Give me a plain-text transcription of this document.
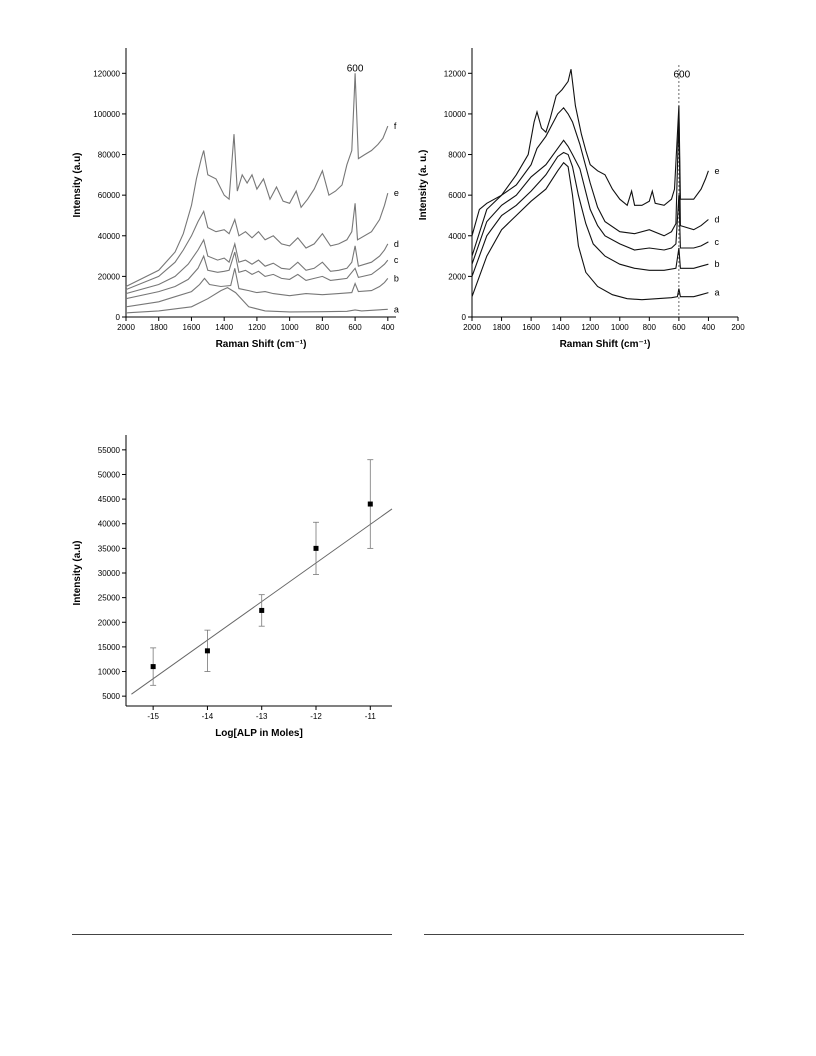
2000 1800 1600 1400 1200 1000 800 600 400
0
20000
40000
60000
80000
100000
120000
Raman Shift (cm⁻¹)
Intensity (a.u)
a
b
c
d
e
f
600
2000 1800 1600 1400 1200 1000 800 600 400 200
0
2000
4000
6000
8000
10000
12000
Raman Shift (cm⁻¹)
Intensity (a. u.)
a
b
c
d
e
600
-15	-14	-13	-12	-11
5000
10000
15000
20000
25000
30000
35000
40000
45000
50000
55000
Log[ALP in Moles]
Intensity (a.u)
